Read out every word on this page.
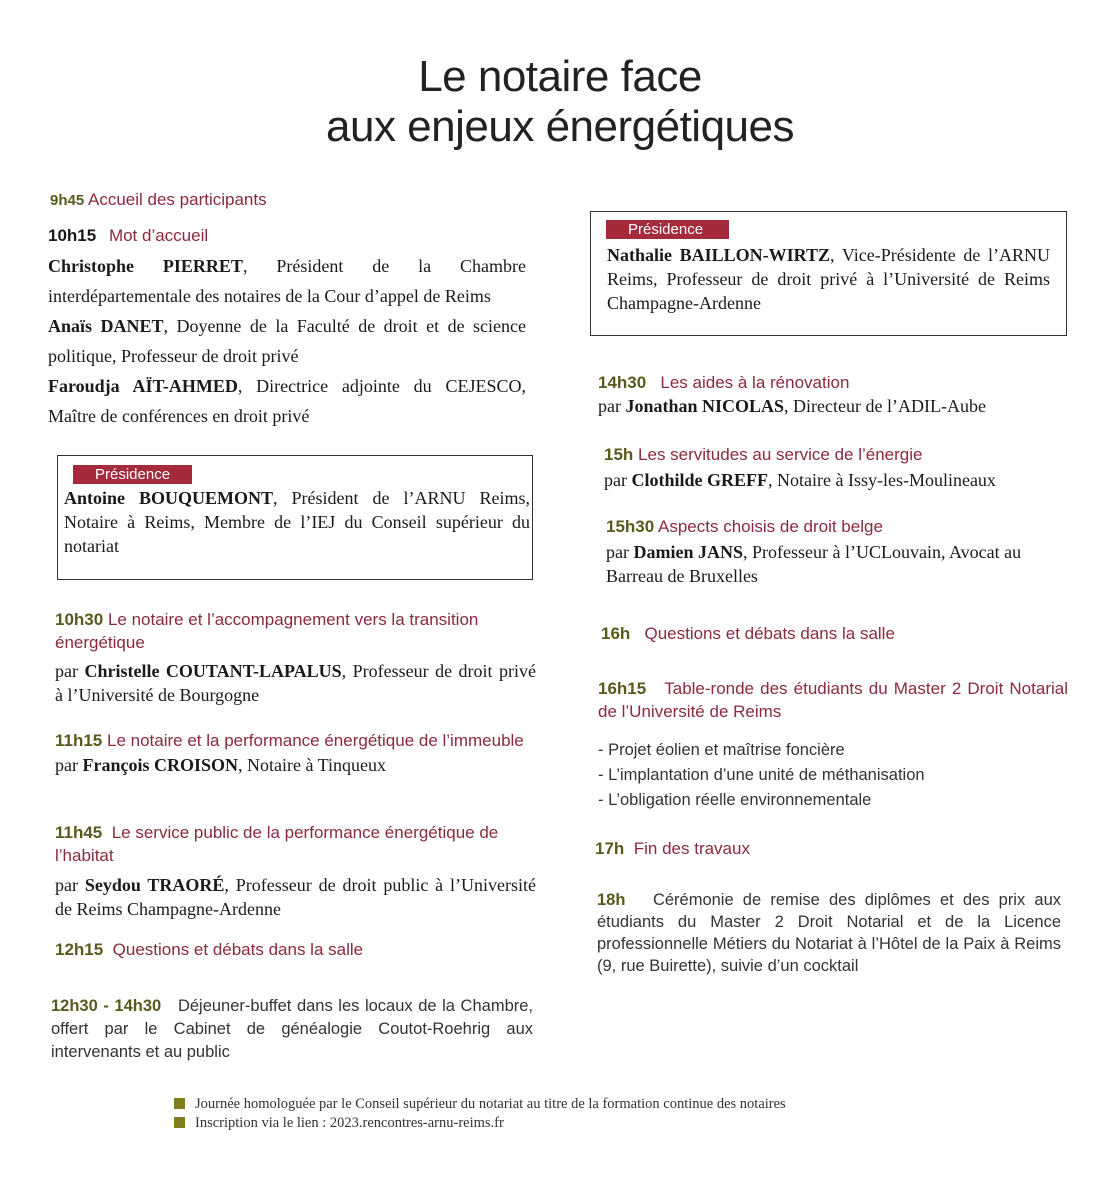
Le notaire face
aux enjeux énergétiques
9h45 Accueil des participants
10h15 Mot d’accueil
Christophe PIERRET, Président de la Chambre interdépartementale des notaires de la Cour d’appel de Reims
Anaïs DANET, Doyenne de la Faculté de droit et de science politique, Professeur de droit privé
Faroudja AÏT-AHMED, Directrice adjointe du CEJESCO, Maître de conférences en droit privé
Présidence
Antoine BOUQUEMONT, Président de l’ARNU Reims, Notaire à Reims, Membre de l’IEJ du Conseil supérieur du notariat
10h30 Le notaire et l’accompagnement vers la transition énergétique
par Christelle COUTANT-LAPALUS, Professeur de droit privé à l’Université de Bourgogne
11h15 Le notaire et la performance énergétique de l’immeuble
par François CROISON, Notaire à Tinqueux
11h45 Le service public de la performance énergétique de l’habitat
par Seydou TRAORÉ, Professeur de droit public à l’Université de Reims Champagne-Ardenne
12h15 Questions et débats dans la salle
12h30 - 14h30 Déjeuner-buffet dans les locaux de la Chambre, offert par le Cabinet de généalogie Coutot-Roehrig aux intervenants et au public
Présidence
Nathalie BAILLON-WIRTZ, Vice-Présidente de l’ARNU Reims, Professeur de droit privé à l’Université de Reims Champagne-Ardenne
14h30 Les aides à la rénovation
par Jonathan NICOLAS, Directeur de l’ADIL-Aube
15h Les servitudes au service de l’énergie
par Clothilde GREFF, Notaire à Issy-les-Moulineaux
15h30 Aspects choisis de droit belge
par Damien JANS, Professeur à l’UCLouvain, Avocat au Barreau de Bruxelles
16h Questions et débats dans la salle
16h15 Table-ronde des étudiants du Master 2 Droit Notarial de l’Université de Reims
- Projet éolien et maîtrise foncière
- L’implantation d’une unité de méthanisation
- L’obligation réelle environnementale
17h Fin des travaux
18h Cérémonie de remise des diplômes et des prix aux étudiants du Master 2 Droit Notarial et de la Licence professionnelle Métiers du Notariat à l’Hôtel de la Paix à Reims (9, rue Buirette), suivie d’un cocktail
Journée homologuée par le Conseil supérieur du notariat au titre de la formation continue des notaires
Inscription via le lien : 2023.rencontres-arnu-reims.fr
